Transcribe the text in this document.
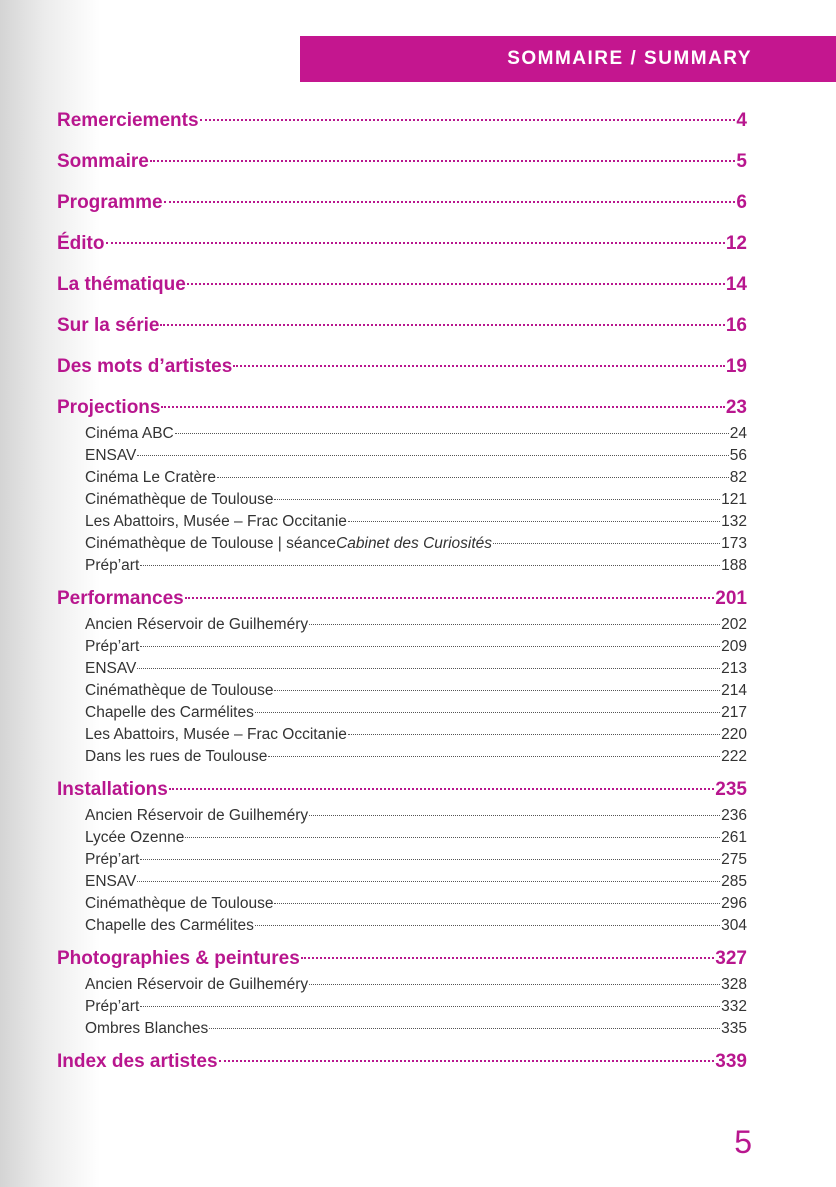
SOMMAIRE / SUMMARY
Remerciements	4
Sommaire	5
Programme	6
Édito	12
La thématique	14
Sur la série	16
Des mots d’artistes	19
Projections	23
Cinéma ABC	24
ENSAV	56
Cinéma Le Cratère	82
Cinémathèque de Toulouse	121
Les Abattoirs, Musée – Frac Occitanie	132
Cinémathèque de Toulouse | séance Cabinet des Curiosités	173
Prép’art	188
Performances	201
Ancien Réservoir de Guilheméry	202
Prép’art	209
ENSAV	213
Cinémathèque de Toulouse	214
Chapelle des Carmélites	217
Les Abattoirs, Musée – Frac Occitanie	220
Dans les rues de Toulouse	222
Installations	235
Ancien Réservoir de Guilheméry	236
Lycée Ozenne	261
Prép’art	275
ENSAV	285
Cinémathèque de Toulouse	296
Chapelle des Carmélites	304
Photographies & peintures	327
Ancien Réservoir de Guilheméry	328
Prép’art	332
Ombres Blanches	335
Index des artistes	339
5
